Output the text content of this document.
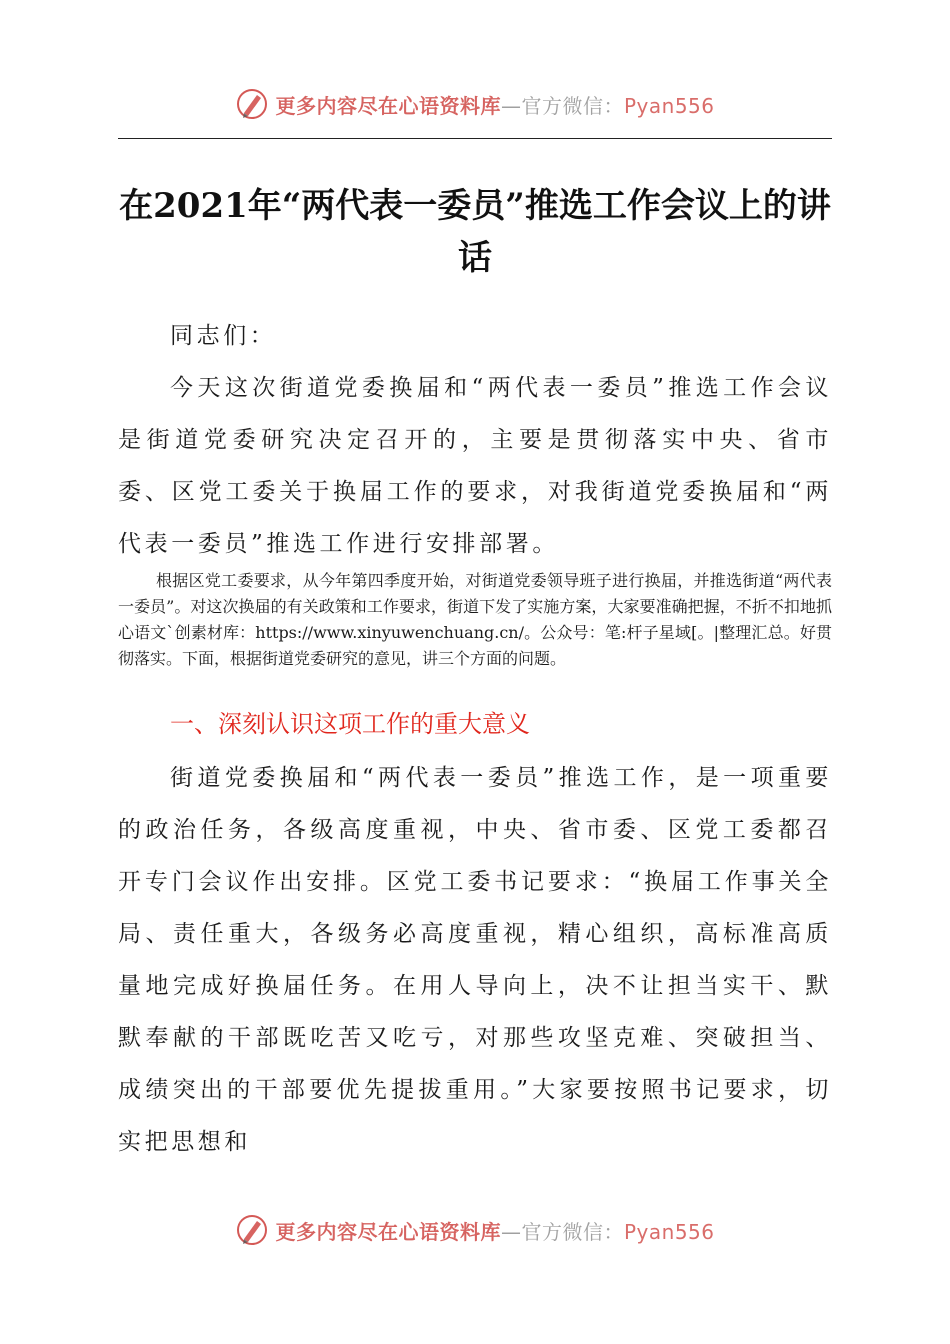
更多内容尽在心语资料库—官方微信：Pyan556
在2021年“两代表一委员”推选工作会议上的讲话

同志们：

今天这次街道党委换届和“两代表一委员”推选工作会议是街道党委研究决定召开的，主要是贯彻落实中央、省市委、区党工委关于换届工作的要求，对我街道党委换届和“两代表一委员”推选工作进行安排部署。

根据区党工委要求，从今年第四季度开始，对街道党委领导班子进行换届，并推选街道“两代表一委员”。对这次换届的有关政策和工作要求，街道下发了实施方案，大家要准确把握，不折不扣地抓心语文`创素材库：https://www.xinyuwenchuang.cn/。公众号：笔:杆子星域[。|整理汇总。好贯彻落实。下面，根据街道党委研究的意见，讲三个方面的问题。

一、深刻认识这项工作的重大意义

街道党委换届和“两代表一委员”推选工作，是一项重要的政治任务，各级高度重视，中央、省市委、区党工委都召开专门会议作出安排。区党工委书记要求：“换届工作事关全局、责任重大，各级务必高度重视，精心组织，高标准高质量地完成好换届任务。在用人导向上，决不让担当实干、默默奉献的干部既吃苦又吃亏，对那些攻坚克难、突破担当、成绩突出的干部要优先提拔重用。”大家要按照书记要求，切实把思想和

更多内容尽在心语资料库—官方微信：Pyan556
